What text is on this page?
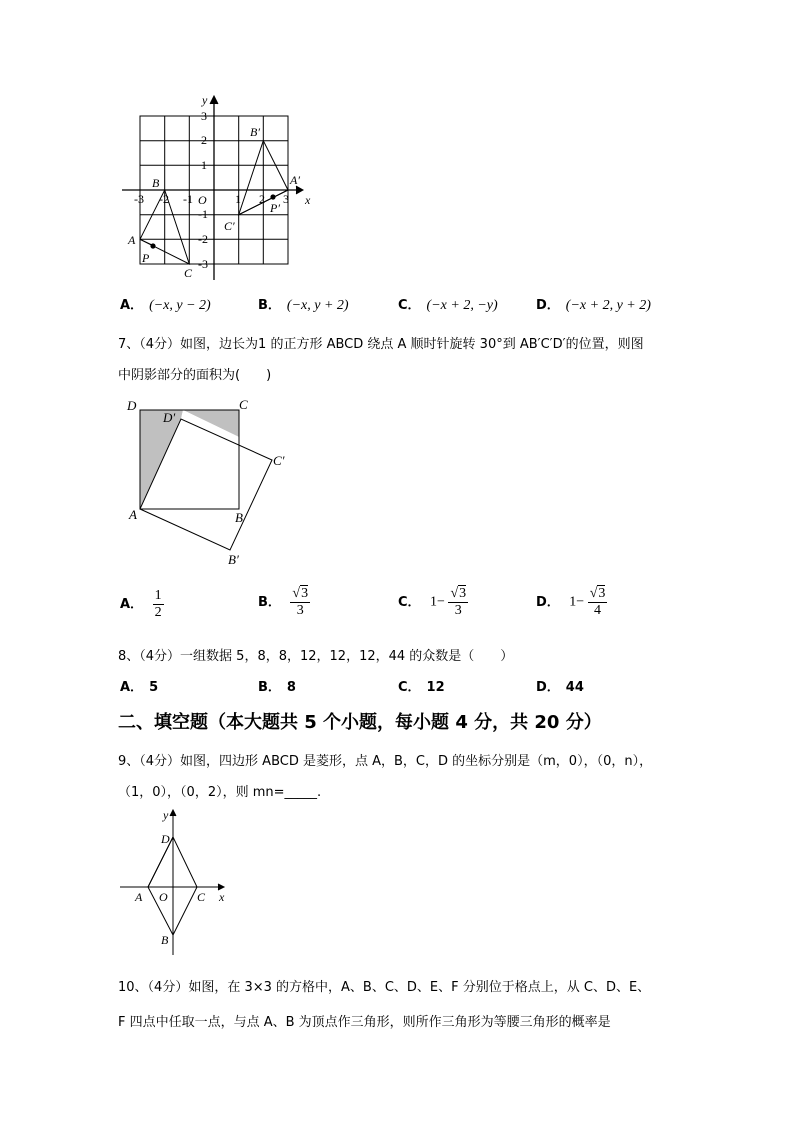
x
y
O
B
A
C
P
A′
B′
C′
P′
-3 -2 -1	1 2 3
3
2
1
-1
-2
-3
A． (−x, y − 2)	B． (−x, y + 2)	C． (−x + 2, −y)	D． (−x + 2, y + 2)
7、（4分）如图，边长为1 的正方形 ABCD 绕点 A 顺时针旋转 30°到 AB′C′D′的位置，则图
中阴影部分的面积为(　　)
D
D′
C
C′
A	B
B′
A． $\frac{1}{2}$	B． $\frac{√3}{3}$	C． $1- \frac{√3}{3}$	D． $1- \frac{√3}{4}$
8、（4分）一组数据 5，8，8，12，12，12，44 的众数是（　　）
A． 5	B． 8	C． 12	D． 44
二、填空题（本大题共 5 个小题，每小题 4 分，共 20 分）
9、（4分）如图，四边形 ABCD 是菱形，点 A，B，C，D 的坐标分别是（m，0），（0，n），
（1，0），（0，2），则 mn=_____.
y
D
A O C x
B
10、（4分）如图，在 3×3 的方格中，A、B、C、D、E、F 分别位于格点上，从 C、D、E、
F 四点中任取一点，与点 A、B 为顶点作三角形，则所作三角形为等腰三角形的概率是
